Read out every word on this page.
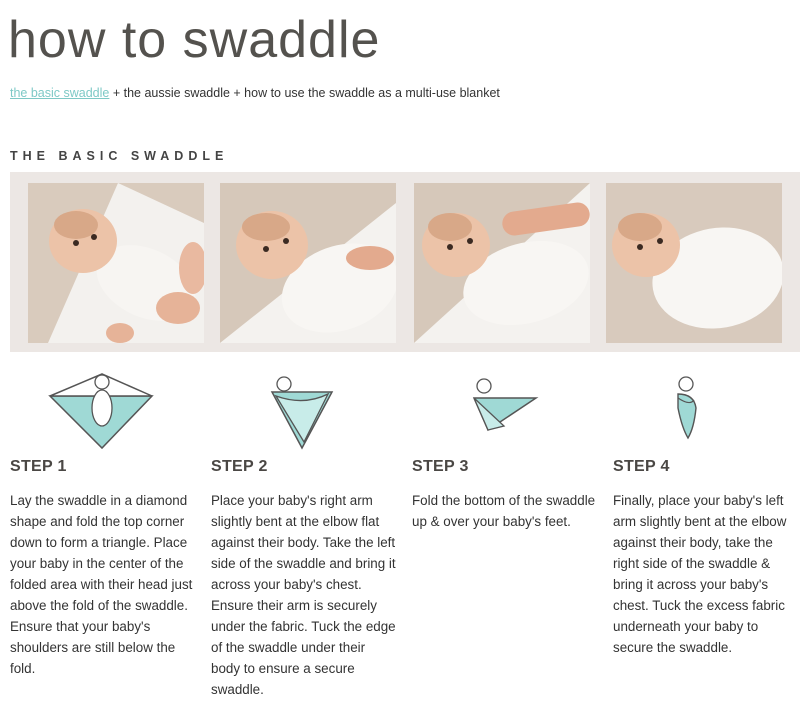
how to swaddle
the basic swaddle + the aussie swaddle + how to use the swaddle as a multi-use blanket
THE BASIC SWADDLE
STEP 1

Lay the swaddle in a diamond shape and fold the top corner down to form a triangle. Place your baby in the center of the folded area with their head just above the fold of the swaddle. Ensure that your baby's shoulders are still below the fold.

STEP 2

Place your baby's right arm slightly bent at the elbow flat against their body. Take the left side of the swaddle and bring it across your baby's chest. Ensure their arm is securely under the fabric. Tuck the edge of the swaddle under their body to ensure a secure swaddle.

STEP 3

Fold the bottom of the swaddle up & over your baby's feet.

STEP 4

Finally, place your baby's left arm slightly bent at the elbow against their body, take the right side of the swaddle & bring it across your baby's chest. Tuck the excess fabric underneath your baby to secure the swaddle.
